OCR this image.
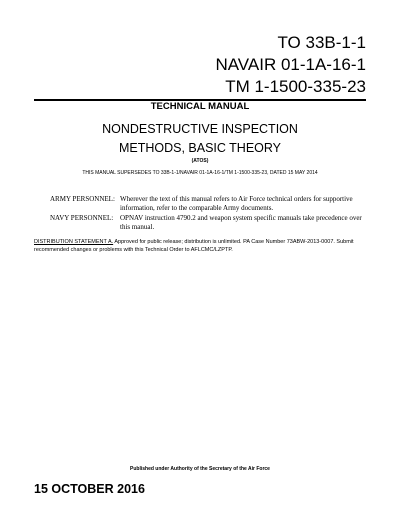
TO 33B-1-1
NAVAIR 01-1A-16-1
TM 1-1500-335-23
TECHNICAL MANUAL
NONDESTRUCTIVE INSPECTION
METHODS, BASIC THEORY
(ATOS)
THIS MANUAL SUPERSEDES TO 33B-1-1/NAVAIR 01-1A-16-1/TM 1-1500-335-23, DATED 15 MAY 2014
ARMY PERSONNEL: Wherever the text of this manual refers to Air Force technical orders for supportive information, refer to the comparable Army documents.
NAVY PERSONNEL: OPNAV instruction 4790.2 and weapon system specific manuals take precedence over this manual.
DISTRIBUTION STATEMENT A. Approved for public release; distribution is unlimited. PA Case Number 73ABW-2013-0007. Submit recommended changes or problems with this Technical Order to AFLCMC/LZPTP.
Published under Authority of the Secretary of the Air Force
15 OCTOBER 2016
